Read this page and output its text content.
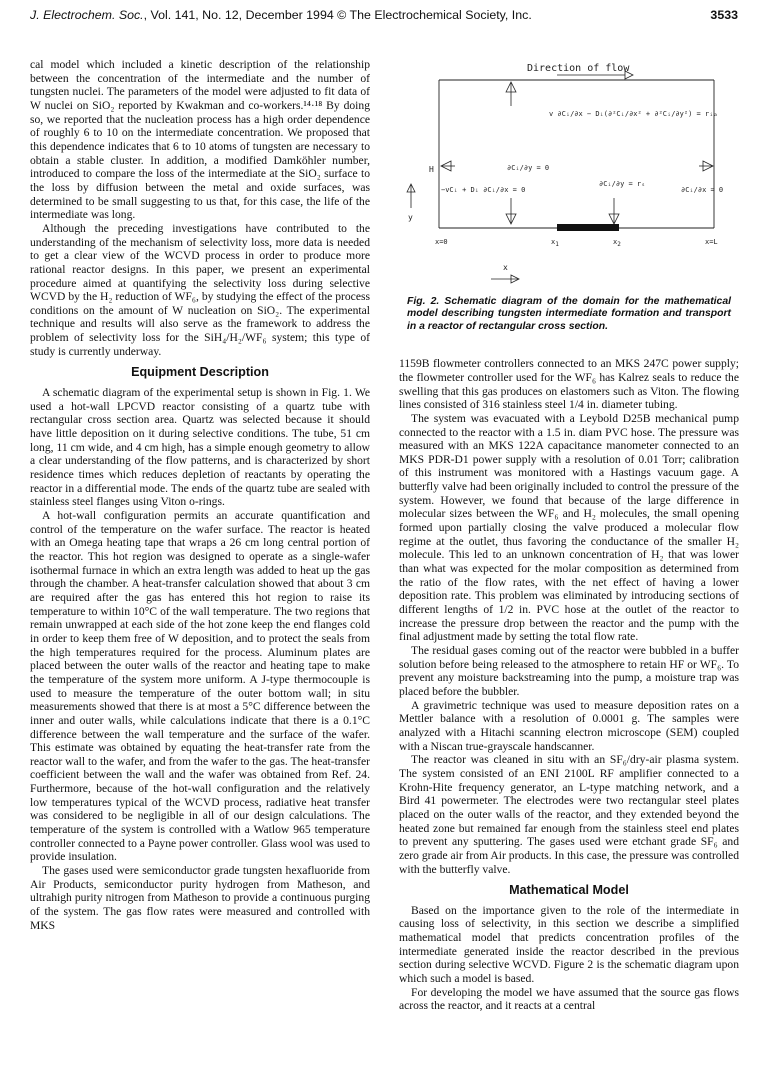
J. Electrochem. Soc., Vol. 141, No. 12, December 1994 © The Electrochemical Society, Inc.	3533

cal model which included a kinetic description of the relationship between the concentration of the intermediate and the number of tungsten nuclei. The parameters of the model were adjusted to fit data of W nuclei on SiO₂ reported by Kwakman and co-workers.¹⁴·¹⁸ By doing so, we reported that the nucleation process has a high order dependence of roughly 6 to 10 on the intermediate concentration. We proposed that this dependence indicates that 6 to 10 atoms of tungsten are necessary to obtain a stable cluster. In addition, a modified Damköhler number, introduced to compare the loss of the intermediate at the SiO₂ surface to the loss by diffusion between the metal and oxide surfaces, was determined to be small suggesting to us that, for this case, the life of the intermediate was long.

Although the preceding investigations have contributed to the understanding of the mechanism of selectivity loss, more data is needed to get a clear view of the WCVD process in order to produce more rational reactor designs. In this paper, we present an experimental procedure aimed at quantifying the selectivity loss during selective WCVD by the H₂ reduction of WF₆, by studying the effect of the process conditions on the amount of W nucleation on SiO₂. The experimental technique and results will also serve as the framework to address the problem of selectivity loss for the SiH₄/H₂/WF₆ system; this type of study is currently underway.

Equipment Description

A schematic diagram of the experimental setup is shown in Fig. 1. We used a hot-wall LPCVD reactor consisting of a quartz tube with rectangular cross section area. Quartz was selected because it should have little deposition on it during selective conditions. The tube, 51 cm long, 11 cm wide, and 4 cm high, has a simple enough geometry to allow a clear understanding of the flow patterns, and is characterized by short residence times which reduces depletion of reactants by operating the reactor in a differential mode. The ends of the quartz tube are sealed with stainless steel flanges using Viton o-rings.

A hot-wall configuration permits an accurate quantification and control of the temperature on the wafer surface. The reactor is heated with an Omega heating tape that wraps a 26 cm long central portion of the reactor. This hot region was designed to operate as a single-wafer isothermal furnace in which an extra length was added to heat up the gas through the chamber. A heat-transfer calculation showed that about 3 cm are required after the gas has entered this hot region to raise its temperature to within 10°C of the wall temperature. The two regions that remain unwrapped at each side of the hot zone keep the end flanges cold in order to keep them free of W deposition, and to protect the seals from the high temperatures required for the process. Aluminum plates are placed between the outer walls of the reactor and heating tape to make the temperature of the system more uniform. A J-type thermocouple is used to measure the temperature of the outer bottom wall; in situ measurements showed that there is at most a 5°C difference between the inner and outer walls, while calculations indicate that there is a 0.1°C difference between the wall temperature and the surface of the wafer. This estimate was obtained by equating the heat-transfer rate from the reactor wall to the wafer, and from the wafer to the gas. The heat-transfer coefficient between the wall and the wafer was obtained from Ref. 24. Furthermore, because of the hot-wall configuration and the relatively low temperatures typical of the WCVD process, radiative heat transfer was considered to be negligible in all of our design calculations. The temperature of the system is controlled with a Watlow 965 temperature controller connected to a Payne power controller. Glass wool was used to provide insulation.

The gases used were semiconductor grade tungsten hexafluoride from Air Products, semiconductor purity hydrogen from Matheson, and ultrahigh purity nitrogen from Matheson to provide a continuous purging of the system. The gas flow rates were measured and controlled with MKS

Direction of flow
v ∂Cᵢ/∂x − Dᵢ(∂²Cᵢ/∂x² + ∂²Cᵢ/∂y²) = rᵢₐ
∂Cᵢ/∂y = 0
−vCᵢ + Dᵢ ∂Cᵢ/∂x = 0	∂Cᵢ/∂x = 0
∂Cᵢ/∂y = rₛ
y
H
x=0	x1	x2	x=L
x
Fig. 2. Schematic diagram of the domain for the mathematical model describing tungsten intermediate formation and transport in a reactor of rectangular cross section.

1159B flowmeter controllers connected to an MKS 247C power supply; the flowmeter controller used for the WF₆ has Kalrez seals to reduce the swelling that this gas produces on elastomers such as Viton. The flowing lines consisted of 316 stainless steel 1/4 in. diameter tubing.

The system was evacuated with a Leybold D25B mechanical pump connected to the reactor with a 1.5 in. diam PVC hose. The pressure was measured with an MKS 122A capacitance manometer connected to an MKS PDR-D1 power supply with a resolution of 0.01 Torr; calibration of this instrument was monitored with a Hastings vacuum gage. A butterfly valve had been originally included to control the pressure of the system. However, we found that because of the large difference in molecular sizes between the WF₆ and H₂ molecules, the small opening formed upon partially closing the valve produced a molecular flow regime at the outlet, thus favoring the conductance of the smaller H₂ molecule. This led to an unknown concentration of H₂ that was lower than what was expected for the molar composition as determined from the ratio of the flow rates, with the net effect of having a lower deposition rate. This problem was eliminated by introducing sections of different lengths of 1/2 in. PVC hose at the outlet of the reactor to increase the pressure drop between the reactor and the pump with the final adjustment made by setting the total flow rate.

The residual gases coming out of the reactor were bubbled in a buffer solution before being released to the atmosphere to retain HF or WF₆. To prevent any moisture backstreaming into the pump, a moisture trap was placed before the bubbler.

A gravimetric technique was used to measure deposition rates on a Mettler balance with a resolution of 0.0001 g. The samples were analyzed with a Hitachi scanning electron microscope (SEM) coupled with a Niscan true-grayscale handscanner.

The reactor was cleaned in situ with an SF₆/dry-air plasma system. The system consisted of an ENI 2100L RF amplifier connected to a Krohn-Hite frequency generator, an L-type matching network, and a Bird 41 powermeter. The electrodes were two rectangular steel plates placed on the outer walls of the reactor, and they extended beyond the heated zone but remained far enough from the stainless steel end plates to prevent any sputtering. The gases used were etchant grade SF₆ and zero grade air from Air products. In this case, the pressure was controlled with the butterfly valve.

Mathematical Model

Based on the importance given to the role of the intermediate in causing loss of selectivity, in this section we describe a simplified mathematical model that predicts concentration profiles of the intermediate generated inside the reactor described in the previous section during selective WCVD. Figure 2 is the schematic diagram upon which such a model is based.

For developing the model we have assumed that the source gas flows across the reactor, and it reacts at a central
